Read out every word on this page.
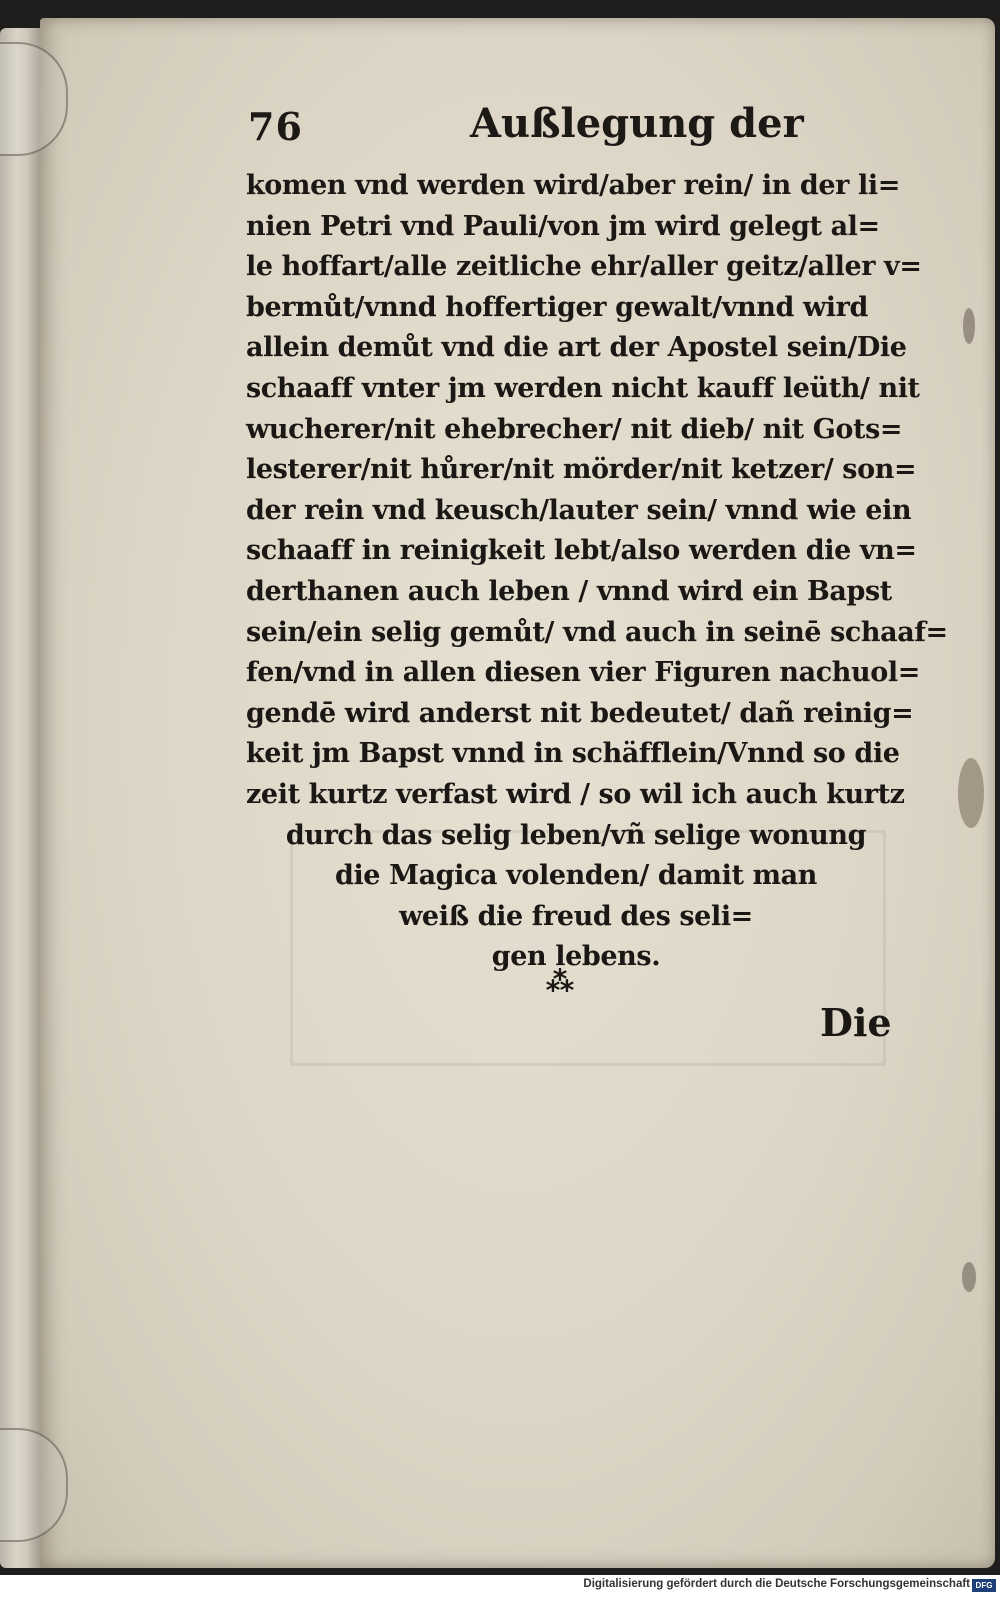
76	Außlegung der
komen vnd werden wird/aber rein/ in der li=
nien Petri vnd Pauli/von jm wird gelegt al=
le hoffart/alle zeitliche ehr/aller geitz/aller v=
bermůt/vnnd hoffertiger gewalt/vnnd wird
allein demůt vnd die art der Apostel sein/Die
schaaff vnter jm werden nicht kauff leüth/ nit
wucherer/nit ehebrecher/ nit dieb/ nit Gots=
lesterer/nit hůrer/nit mörder/nit ketzer/ son=
der rein vnd keusch/lauter sein/ vnnd wie ein
schaaff in reinigkeit lebt/also werden die vn=
derthanen auch leben / vnnd wird ein Bapst
sein/ein selig gemůt/ vnd auch in seinē schaaf=
fen/vnd in allen diesen vier Figuren nachuol=
gendē wird anderst nit bedeutet/ dañ reinig=
keit jm Bapst vnnd in schäfflein/Vnnd so die
zeit kurtz verfast wird / so wil ich auch kurtz
durch das selig leben/vñ selige wonung
die Magica volenden/ damit man
weiß die freud des seli=
gen lebens.
⁂
Die
Digitalisierung gefördert durch die Deutsche Forschungsgemeinschaft DFG
